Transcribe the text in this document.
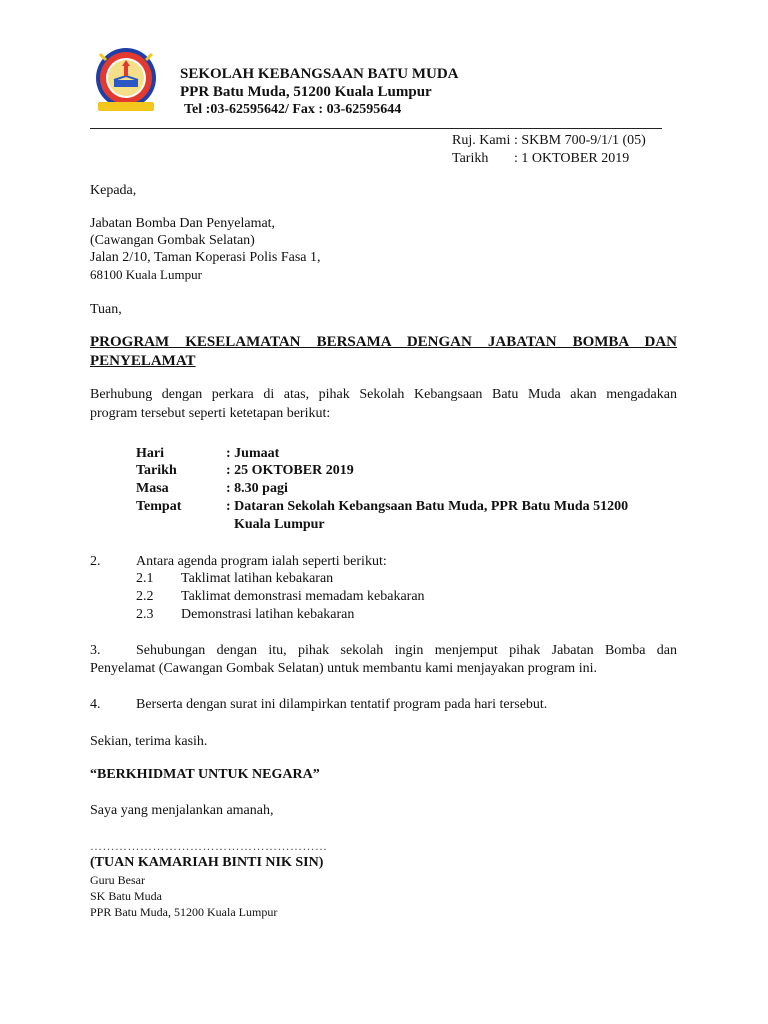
SEKOLAH KEBANGSAAN BATU MUDA
PPR Batu Muda, 51200 Kuala Lumpur
Tel :03-62595642/ Fax : 03-62595644
Ruj. Kami : SKBM 700-9/1/1 (05)
Tarikh : 1 OKTOBER 2019
Kepada,
Jabatan Bomba Dan Penyelamat,
(Cawangan Gombak Selatan)
Jalan 2/10, Taman Koperasi Polis Fasa 1,
68100 Kuala Lumpur
Tuan,
PROGRAM KESELAMATAN BERSAMA DENGAN JABATAN BOMBA DAN
PENYELAMAT
Berhubung dengan perkara di atas, pihak Sekolah Kebangsaan Batu Muda akan mengadakan
program tersebut seperti ketetapan berikut:
Hari	: Jumaat
Tarikh	: 25 OKTOBER 2019
Masa	: 8.30 pagi
Tempat	: Dataran Sekolah Kebangsaan Batu Muda, PPR Batu Muda 51200
Kuala Lumpur
2.	Antara agenda program ialah seperti berikut:
2.1 Taklimat latihan kebakaran
2.2 Taklimat demonstrasi memadam kebakaran
2.3 Demonstrasi latihan kebakaran
3.	Sehubungan dengan itu, pihak sekolah ingin menjemput pihak Jabatan Bomba dan
Penyelamat (Cawangan Gombak Selatan) untuk membantu kami menjayakan program ini.
4.	Berserta dengan surat ini dilampirkan tentatif program pada hari tersebut.
Sekian, terima kasih.
“BERKHIDMAT UNTUK NEGARA”
Saya yang menjalankan amanah,
…………………………………………………
(TUAN KAMARIAH BINTI NIK SIN)
Guru Besar
SK Batu Muda
PPR Batu Muda, 51200 Kuala Lumpur
